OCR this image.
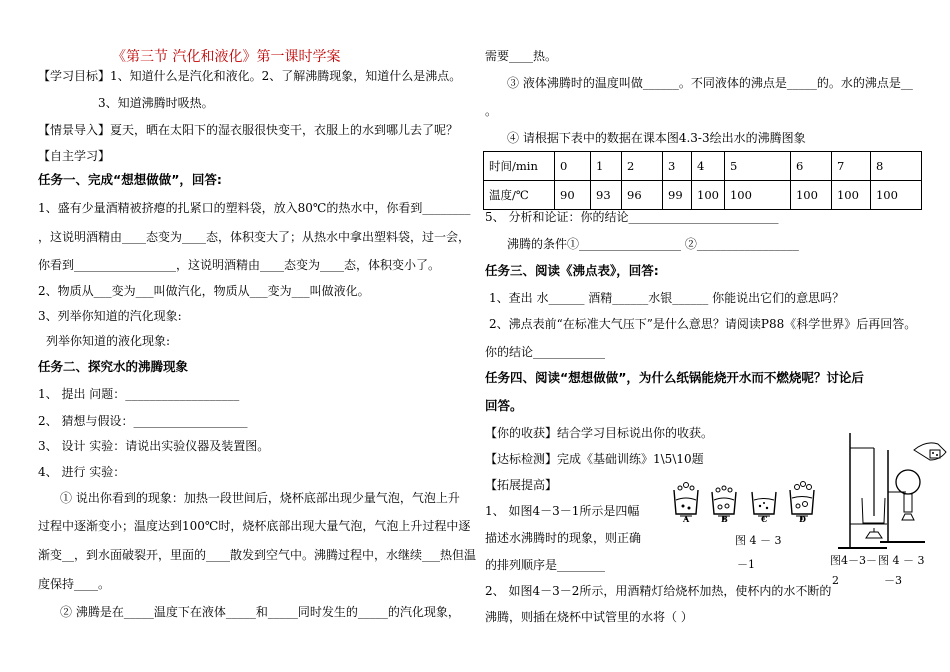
《第三节 汽化和液化》第一课时学案
【学习目标】1、知道什么是汽化和液化。2、了解沸腾现象，知道什么是沸点。
3、知道沸腾时吸热。
【情景导入】夏天，晒在太阳下的湿衣服很快变干，衣服上的水到哪儿去了呢？
【自主学习】
任务一、完成“想想做做”，回答:
1、盛有少量酒精被挤瘪的扎紧口的塑料袋，放入80℃的热水中，你看到________
，这说明酒精由____态变为____态，体积变大了；从热水中拿出塑料袋，过一会，
你看到_________________，这说明酒精由____态变为____态，体积变小了。
2、物质从___变为___叫做汽化，物质从___变为___叫做液化。
3、列举你知道的汽化现象:
列举你知道的液化现象:
任务二、探究水的沸腾现象
1、 提出 问题：___________________
2、 猜想与假设：___________________
3、 设计 实验：请说出实验仪器及装置图。
4、 进行 实验：
① 说出你看到的现象：加热一段世间后，烧杯底部出现少量气泡，气泡上升
过程中逐渐变小；温度达到100℃时，烧杯底部出现大量气泡，气泡上升过程中逐
渐变__，到水面破裂开，里面的____散发到空气中。沸腾过程中，水继续___热但温
度保持____。
② 沸腾是在_____温度下在液体_____和_____同时发生的_____的汽化现象，
需要____热。
③ 液体沸腾时的温度叫做______。不同液体的沸点是_____的。水的沸点是__
。
④ 请根据下表中的数据在课本图4.3-3绘出水的沸腾图象
时间/min	0	1	2	3	4	5	6	7	8
温度/℃	90	93	96	99	100	100	100	100	100
5、 分析和论证：你的结论_________________________
沸腾的条件①_________________ ②_________________
任务三、阅读《沸点表》，回答:
1、查出 水______ 酒精______水银______ 你能说出它们的意思吗？
2、沸点表前“在标准大气压下”是什么意思？请阅读P88《科学世界》后再回答。
你的结论____________
任务四、阅读“想想做做”，为什么纸锅能烧开水而不燃烧呢？讨论后
回答。
【你的收获】结合学习目标说出你的收获。
【达标检测】完成《基础训练》1\5\10题
【拓展提高】
1、 如图4－3－1所示是四幅
描述水沸腾时的现象，则正确
的排列顺序是________
2、 如图4－3－2所示，用酒精灯给烧杯加热，使杯内的水不断的
沸腾，则插在烧杯中试管里的水将（ ）
A	B	C	D
图 4 － 3
－1	图4－3－
2
图 4 － 3
－3
